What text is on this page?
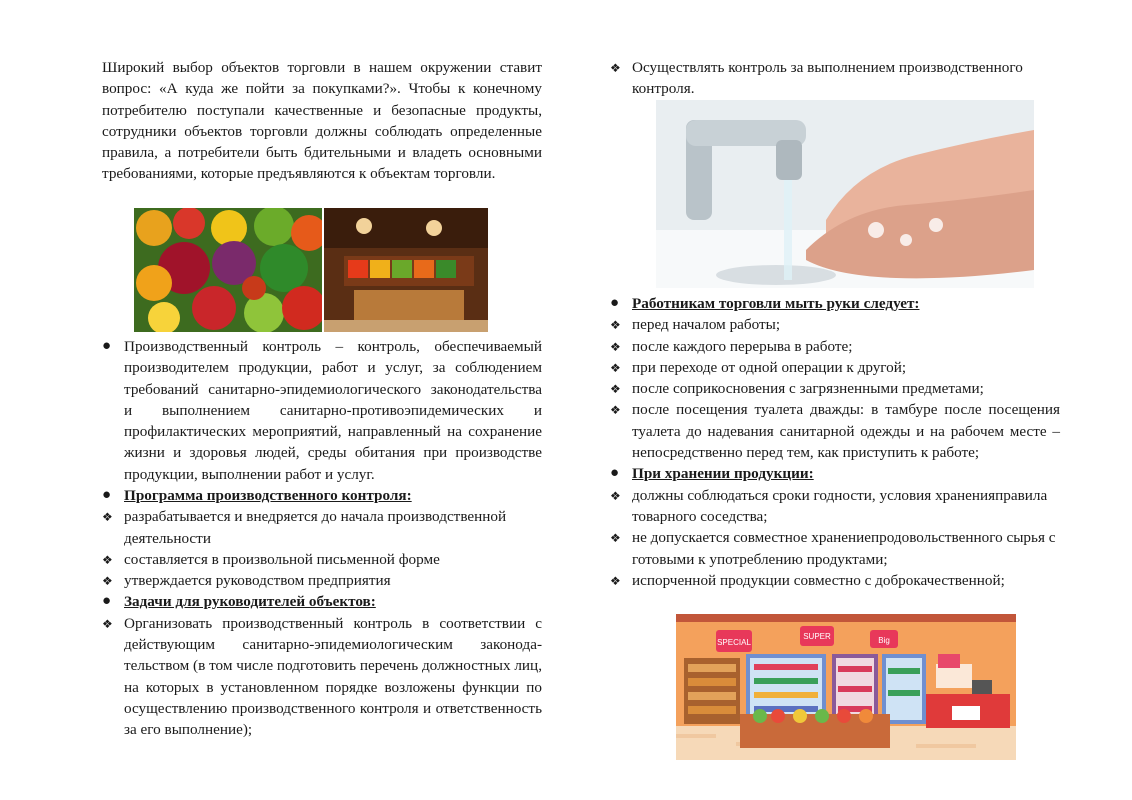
Широкий выбор объектов торговли в нашем окружении ставит вопрос: «А куда же пойти за покупками?». Чтобы к конечному потребителю поступали качественные и безопасные продукты, сотрудники объектов торговли должны соблюдать определенные правила, а потребители быть бдительными и владеть основными требованиями, которые предъявляются к объектам торговли.
● Производственный контроль – контроль, обеспечиваемый производителем продукции, работ и услуг, за соблюдением требований санитарно-эпидемиологического законодательства и выполнением санитарно-противоэпидемических и профилактических мероприятий, направленный на сохранение жизни и здоровья людей, среды обитания при производстве продукции, выполнении работ и услуг.
● Программа производственного контроля:
❖ разрабатывается и внедряется до начала производственной деятельности
❖ составляется в произвольной письменной форме
❖ утверждается руководством предприятия
● Задачи для руководителей объектов:
❖ Организовать производственный контроль в соответствии с действующим санитарно-эпидемиологическим законодательством (в том числе подготовить перечень должностных лиц, на которых в установленном порядке возложены функции по осуществлению производственного контроля и ответственность за его выполнение);
❖ Осуществлять контроль за выполнением производственного контроля.
● Работникам торговли мыть руки следует:
❖ перед началом работы;
❖ после каждого перерыва в работе;
❖ при переходе от одной операции к другой;
❖ после соприкосновения с загрязненными предметами;
❖ после посещения туалета дважды: в тамбуре после посещения туалета до надевания санитарной одежды и на рабочем месте – непосредственно перед тем, как приступить к работе;
● При хранении продукции:
❖ должны соблюдаться сроки годности, условия храненияправила товарного соседства;
❖ не допускается совместное хранениепродовольственного сырья с готовыми к употреблению продуктами;
❖ испорченной продукции совместно с доброкачественной;
SPECIAL
SUPER	Big
